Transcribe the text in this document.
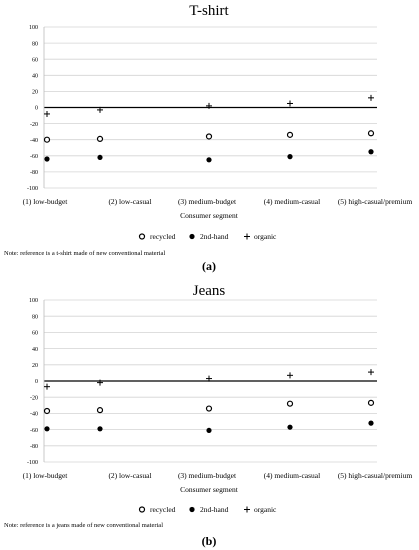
T-shirt
100
80
60
40
20
0
-20
-40
-60
-80
-100
(1) low-budget	(2) low-casual	(3) medium-budget	(4) medium-casual (5) high-casual/premium
Consumer segment
recycled	2nd-hand	organic
Note: reference is a t-shirt made of new conventional material
(a)
Jeans
100
80
60
40
20
0
-20
-40
-60
-80
-100
(1) low-budget	(2) low-casual	(3) medium-budget	(4) medium-casual (5) high-casual/premium
Consumer segment
recycled	2nd-hand	organic
Note: reference is a jeans made of new conventional material
(b)
